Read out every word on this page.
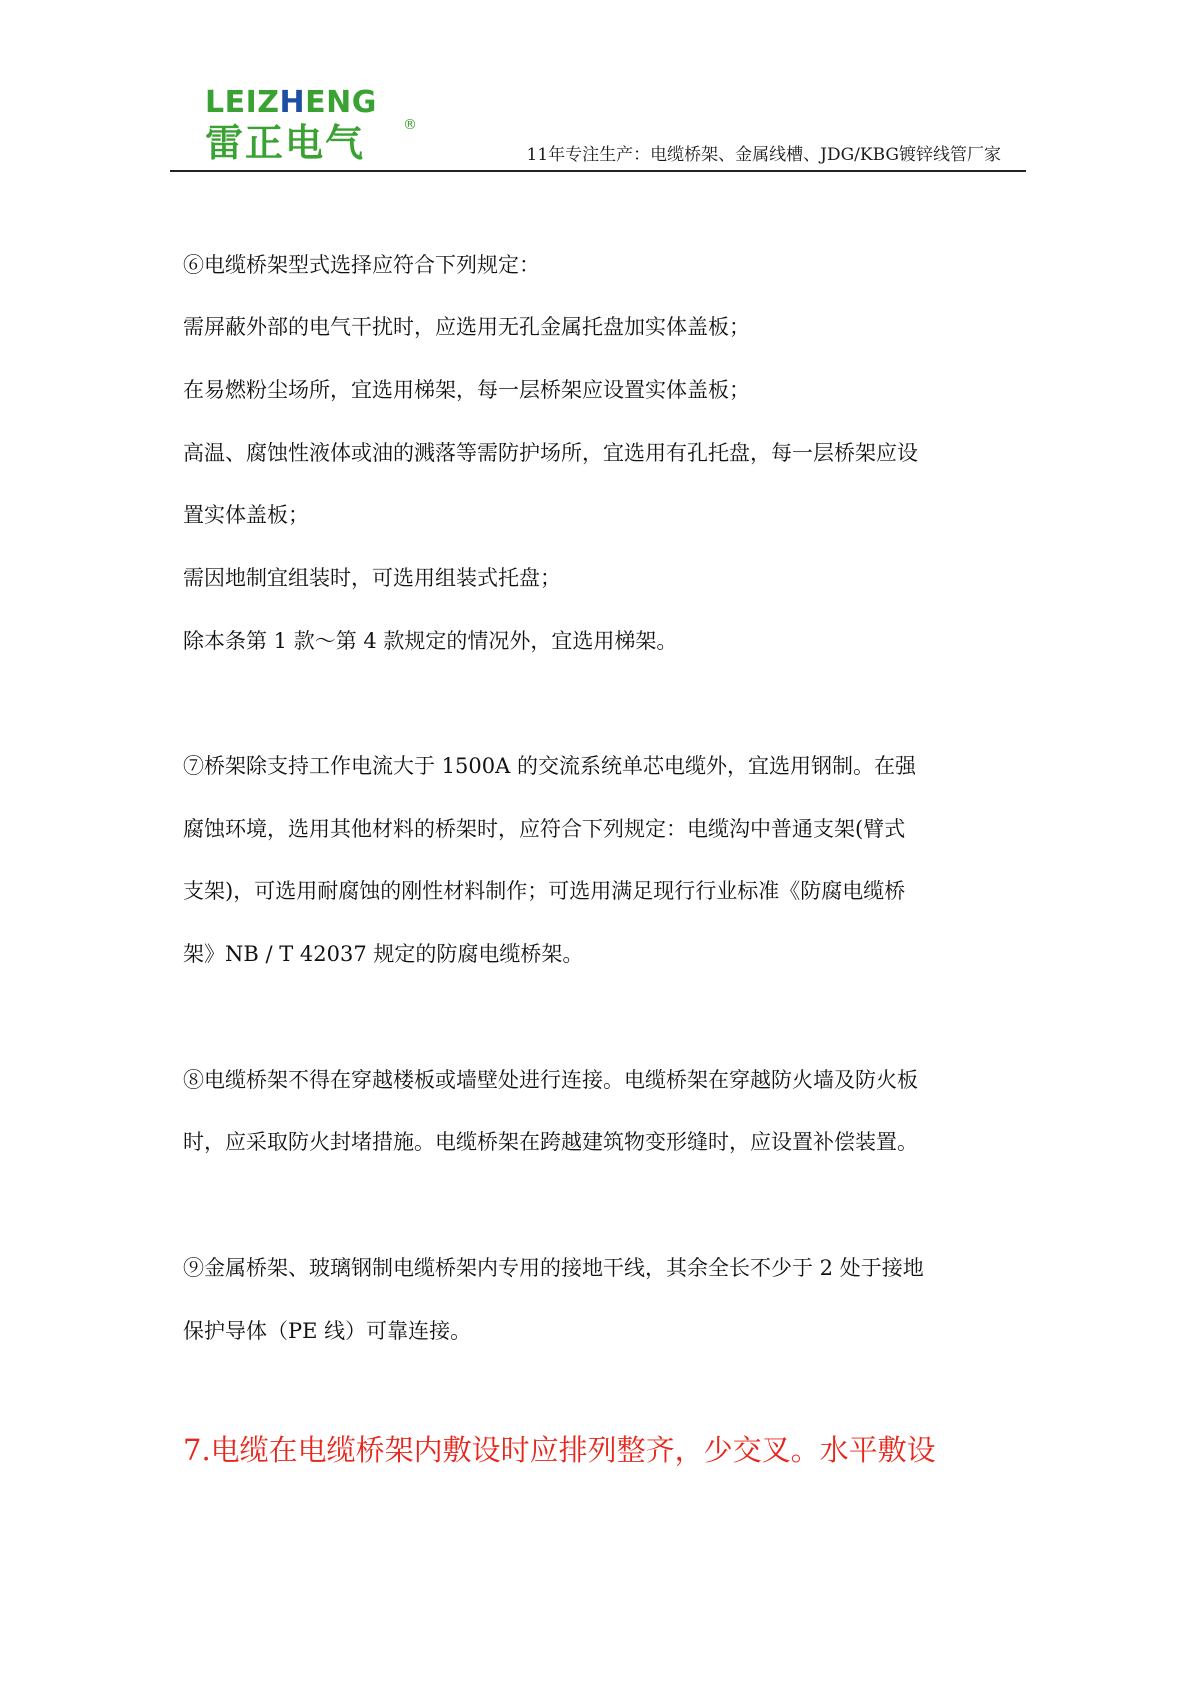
LEIZHENG
®
雷正电气	11年专注生产：电缆桥架、金属线槽、JDG/KBG镀锌线管厂家
⑥电缆桥架型式选择应符合下列规定：
需屏蔽外部的电气干扰时，应选用无孔金属托盘加实体盖板；
在易燃粉尘场所，宜选用梯架，每一层桥架应设置实体盖板；
高温、腐蚀性液体或油的溅落等需防护场所，宜选用有孔托盘，每一层桥架应设
置实体盖板；
需因地制宜组装时，可选用组装式托盘；
除本条第 1 款～第 4 款规定的情况外，宜选用梯架。
⑦桥架除支持工作电流大于 1500A 的交流系统单芯电缆外，宜选用钢制。在强
腐蚀环境，选用其他材料的桥架时，应符合下列规定：电缆沟中普通支架(臂式
支架)，可选用耐腐蚀的刚性材料制作；可选用满足现行行业标准《防腐电缆桥
架》NB / T 42037 规定的防腐电缆桥架。
⑧电缆桥架不得在穿越楼板或墙壁处进行连接。电缆桥架在穿越防火墙及防火板
时，应采取防火封堵措施。电缆桥架在跨越建筑物变形缝时，应设置补偿装置。
⑨金属桥架、玻璃钢制电缆桥架内专用的接地干线，其余全长不少于 2 处于接地
保护导体（PE 线）可靠连接。
7.电缆在电缆桥架内敷设时应排列整齐，少交叉。水平敷设
